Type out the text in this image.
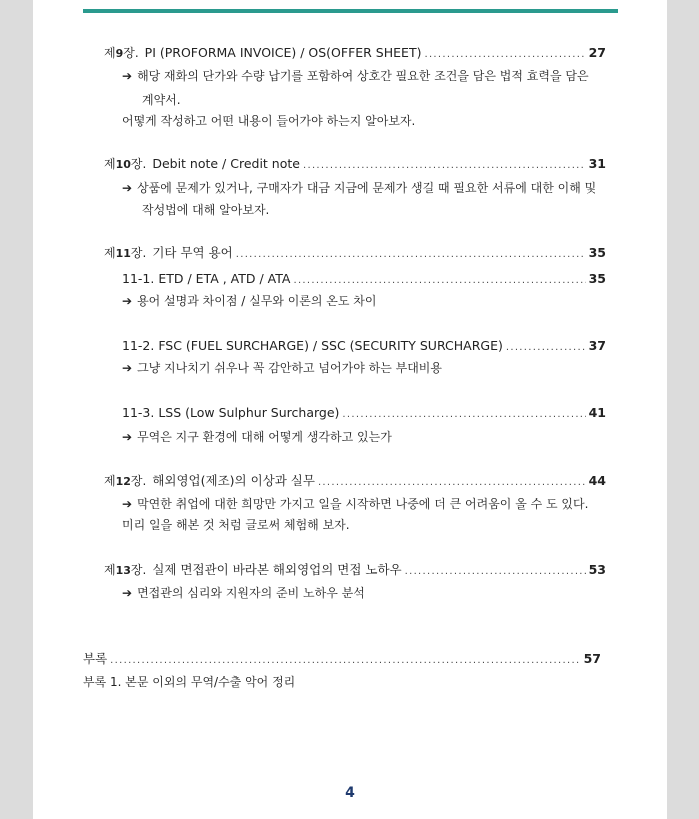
제 9 장. PI (PROFORMA INVOICE) / OS(OFFER SHEET) .....	27
➔ 해당 재화의 단가와 수량 납기를 포함하여 상호간 필요한 조건을 담은 법적 효력을 담은
계약서.
어떻게 작성하고 어떤 내용이 들어가야 하는지 알아보자.
제 10 장. Debit note / Credit note .....	31
➔ 상품에 문제가 있거나, 구매자가 대금 지금에 문제가 생길 때 필요한 서류에 대한 이해 및
작성법에 대해 알아보자.
제 11 장. 기타 무역 용어 .....	35
11-1. ETD / ETA , ATD / ATA .....	35
➔ 용어 설명과 차이점 / 실무와 이론의 온도 차이
11-2. FSC (FUEL SURCHARGE) / SSC (SECURITY SURCHARGE) .....	37
➔ 그냥 지나치기 쉬우나 꼭 감안하고 넘어가야 하는 부대비용
11-3. LSS (Low Sulphur Surcharge) .....	41
➔ 무역은 지구 환경에 대해 어떻게 생각하고 있는가
제 12 장. 해외영업(제조)의 이상과 실무 .....	44
➔ 막연한 취업에 대한 희망만 가지고 일을 시작하면 나중에 더 큰 어려움이 올 수 도 있다.
미리 일을 해본 것 처럼 글로써 체험해 보자.
제 13 장. 실제 면접관이 바라본 해외영업의 면접 노하우 .....	53
➔ 면접관의 심리와 지원자의 준비 노하우 분석
부록 .....	57
부록 1. 본문 이외의 무역/수출 악어 정리
4
